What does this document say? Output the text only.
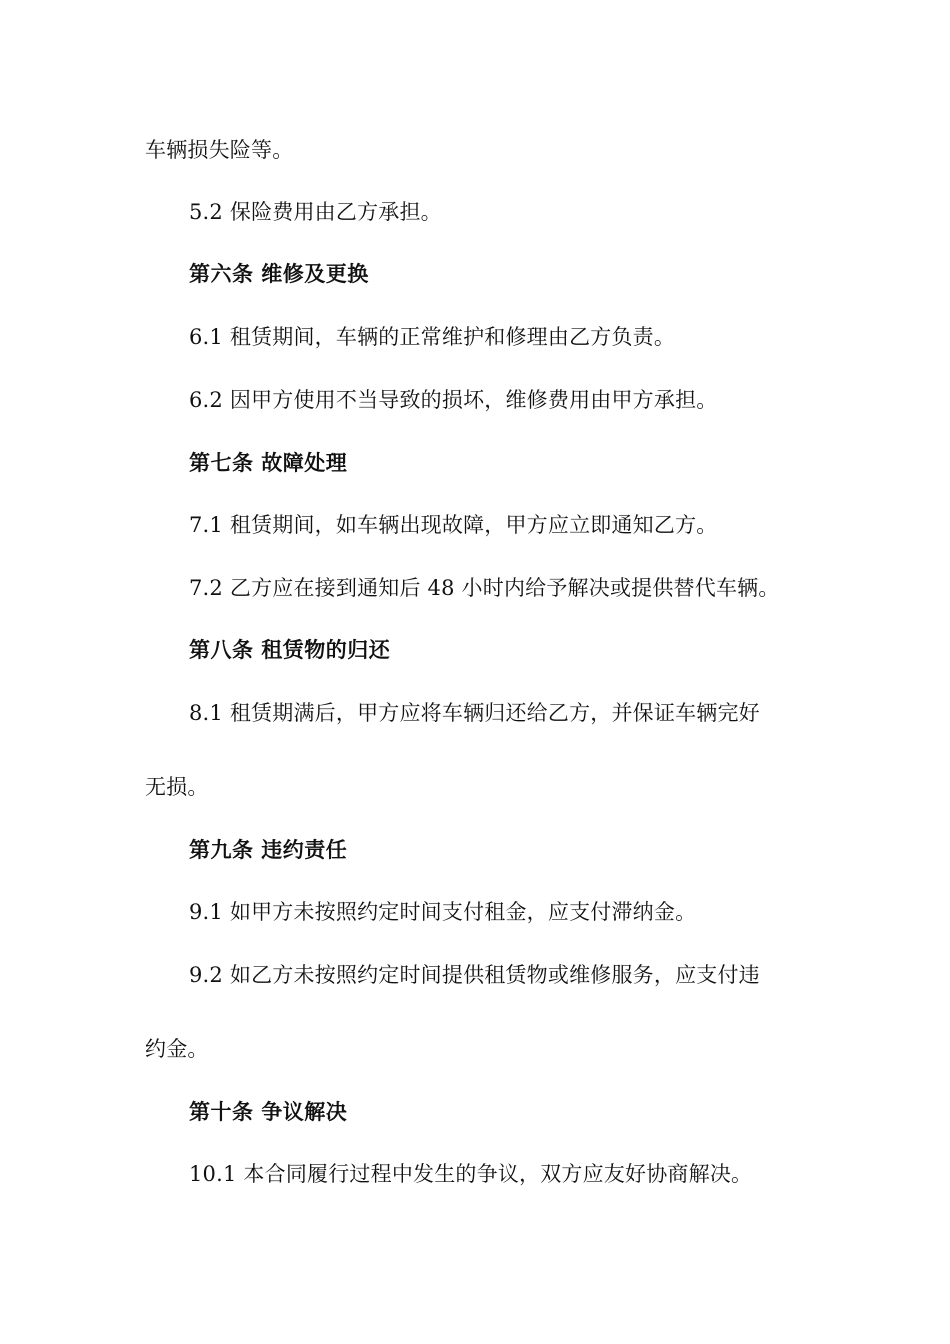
车辆损失险等。
5.2 保险费用由乙方承担。
第六条 维修及更换
6.1 租赁期间，车辆的正常维护和修理由乙方负责。
6.2 因甲方使用不当导致的损坏，维修费用由甲方承担。
第七条 故障处理
7.1 租赁期间，如车辆出现故障，甲方应立即通知乙方。
7.2 乙方应在接到通知后 48 小时内给予解决或提供替代车辆。
第八条 租赁物的归还
8.1 租赁期满后，甲方应将车辆归还给乙方，并保证车辆完好
无损。
第九条 违约责任
9.1 如甲方未按照约定时间支付租金，应支付滞纳金。
9.2 如乙方未按照约定时间提供租赁物或维修服务，应支付违
约金。
第十条 争议解决
10.1 本合同履行过程中发生的争议，双方应友好协商解决。
